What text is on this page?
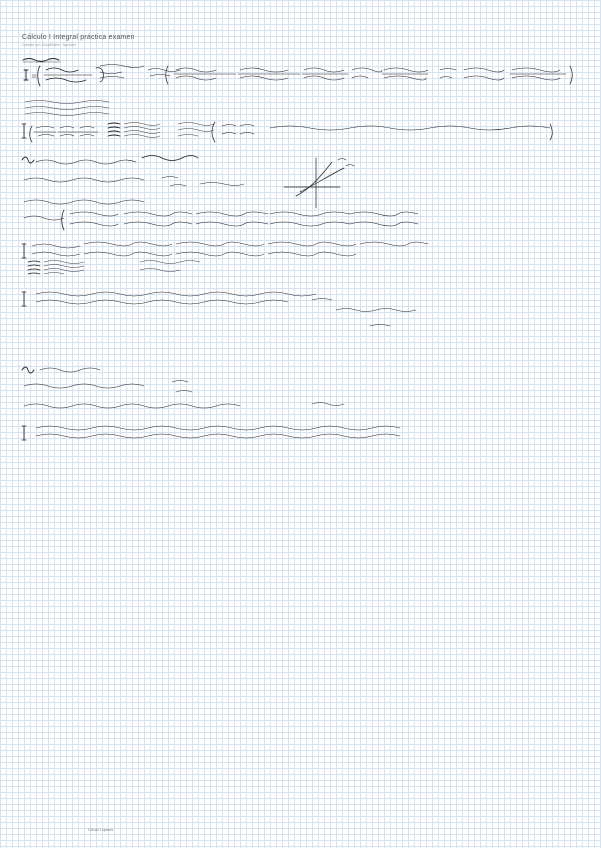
Cálculo I Integral práctica examen
Creado con GoodNotes · Apuntes
Cálculo I apuntes
